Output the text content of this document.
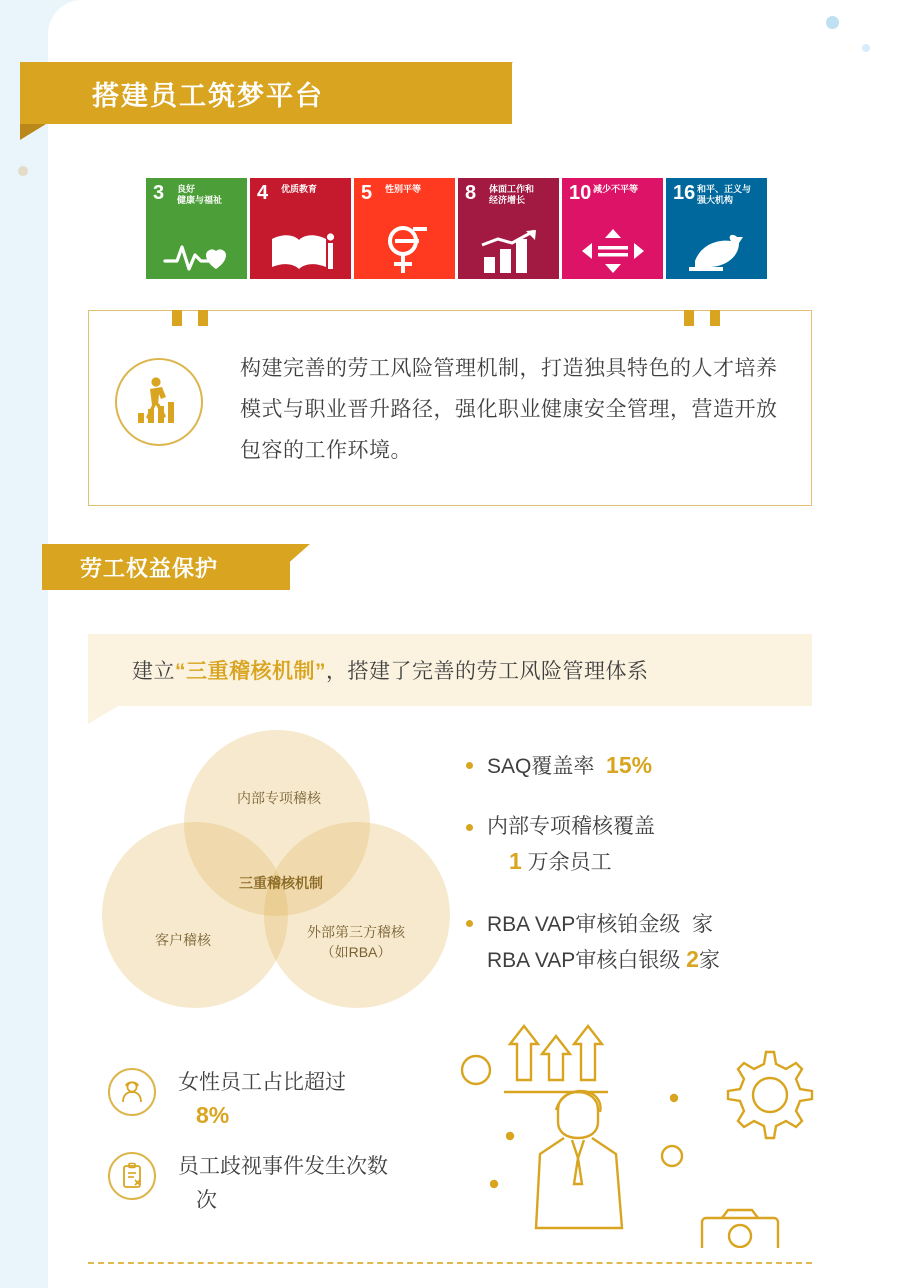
搭建员工筑梦平台
3 良好
健康与福祉	4 优质教育	5 性别平等	8 体面工作和
经济增长	10 减少不平等	16 和平、正义与
强大机构
构建完善的劳工风险管理机制，打造独具特色的人才培养模式与职业晋升路径，强化职业健康安全管理，营造开放包容的工作环境。
劳工权益保护
建立“三重稽核机制”，搭建了完善的劳工风险管理体系
内部专项稽核
三重稽核机制
客户稽核	外部第三方稽核
（如RBA）
SAQ覆盖率 15%
内部专项稽核覆盖
1 万余员工
RBA VAP审核铂金级 家
RBA VAP审核白银级 2家
女性员工占比超过
8%
员工歧视事件发生次数
次
